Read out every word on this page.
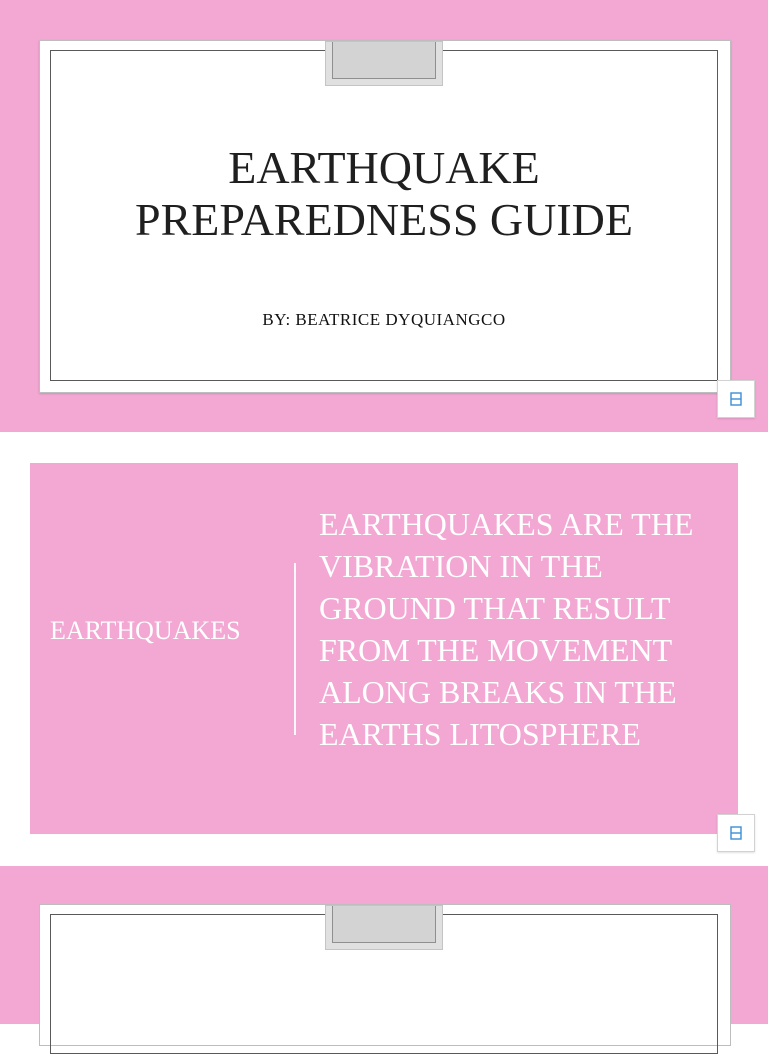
EARTHQUAKE
PREPAREDNESS GUIDE
BY: BEATRICE DYQUIANGCO
EARTHQUAKES
EARTHQUAKES ARE THE VIBRATION IN THE GROUND THAT RESULT FROM THE MOVEMENT ALONG BREAKS IN THE EARTHS LITOSPHERE
